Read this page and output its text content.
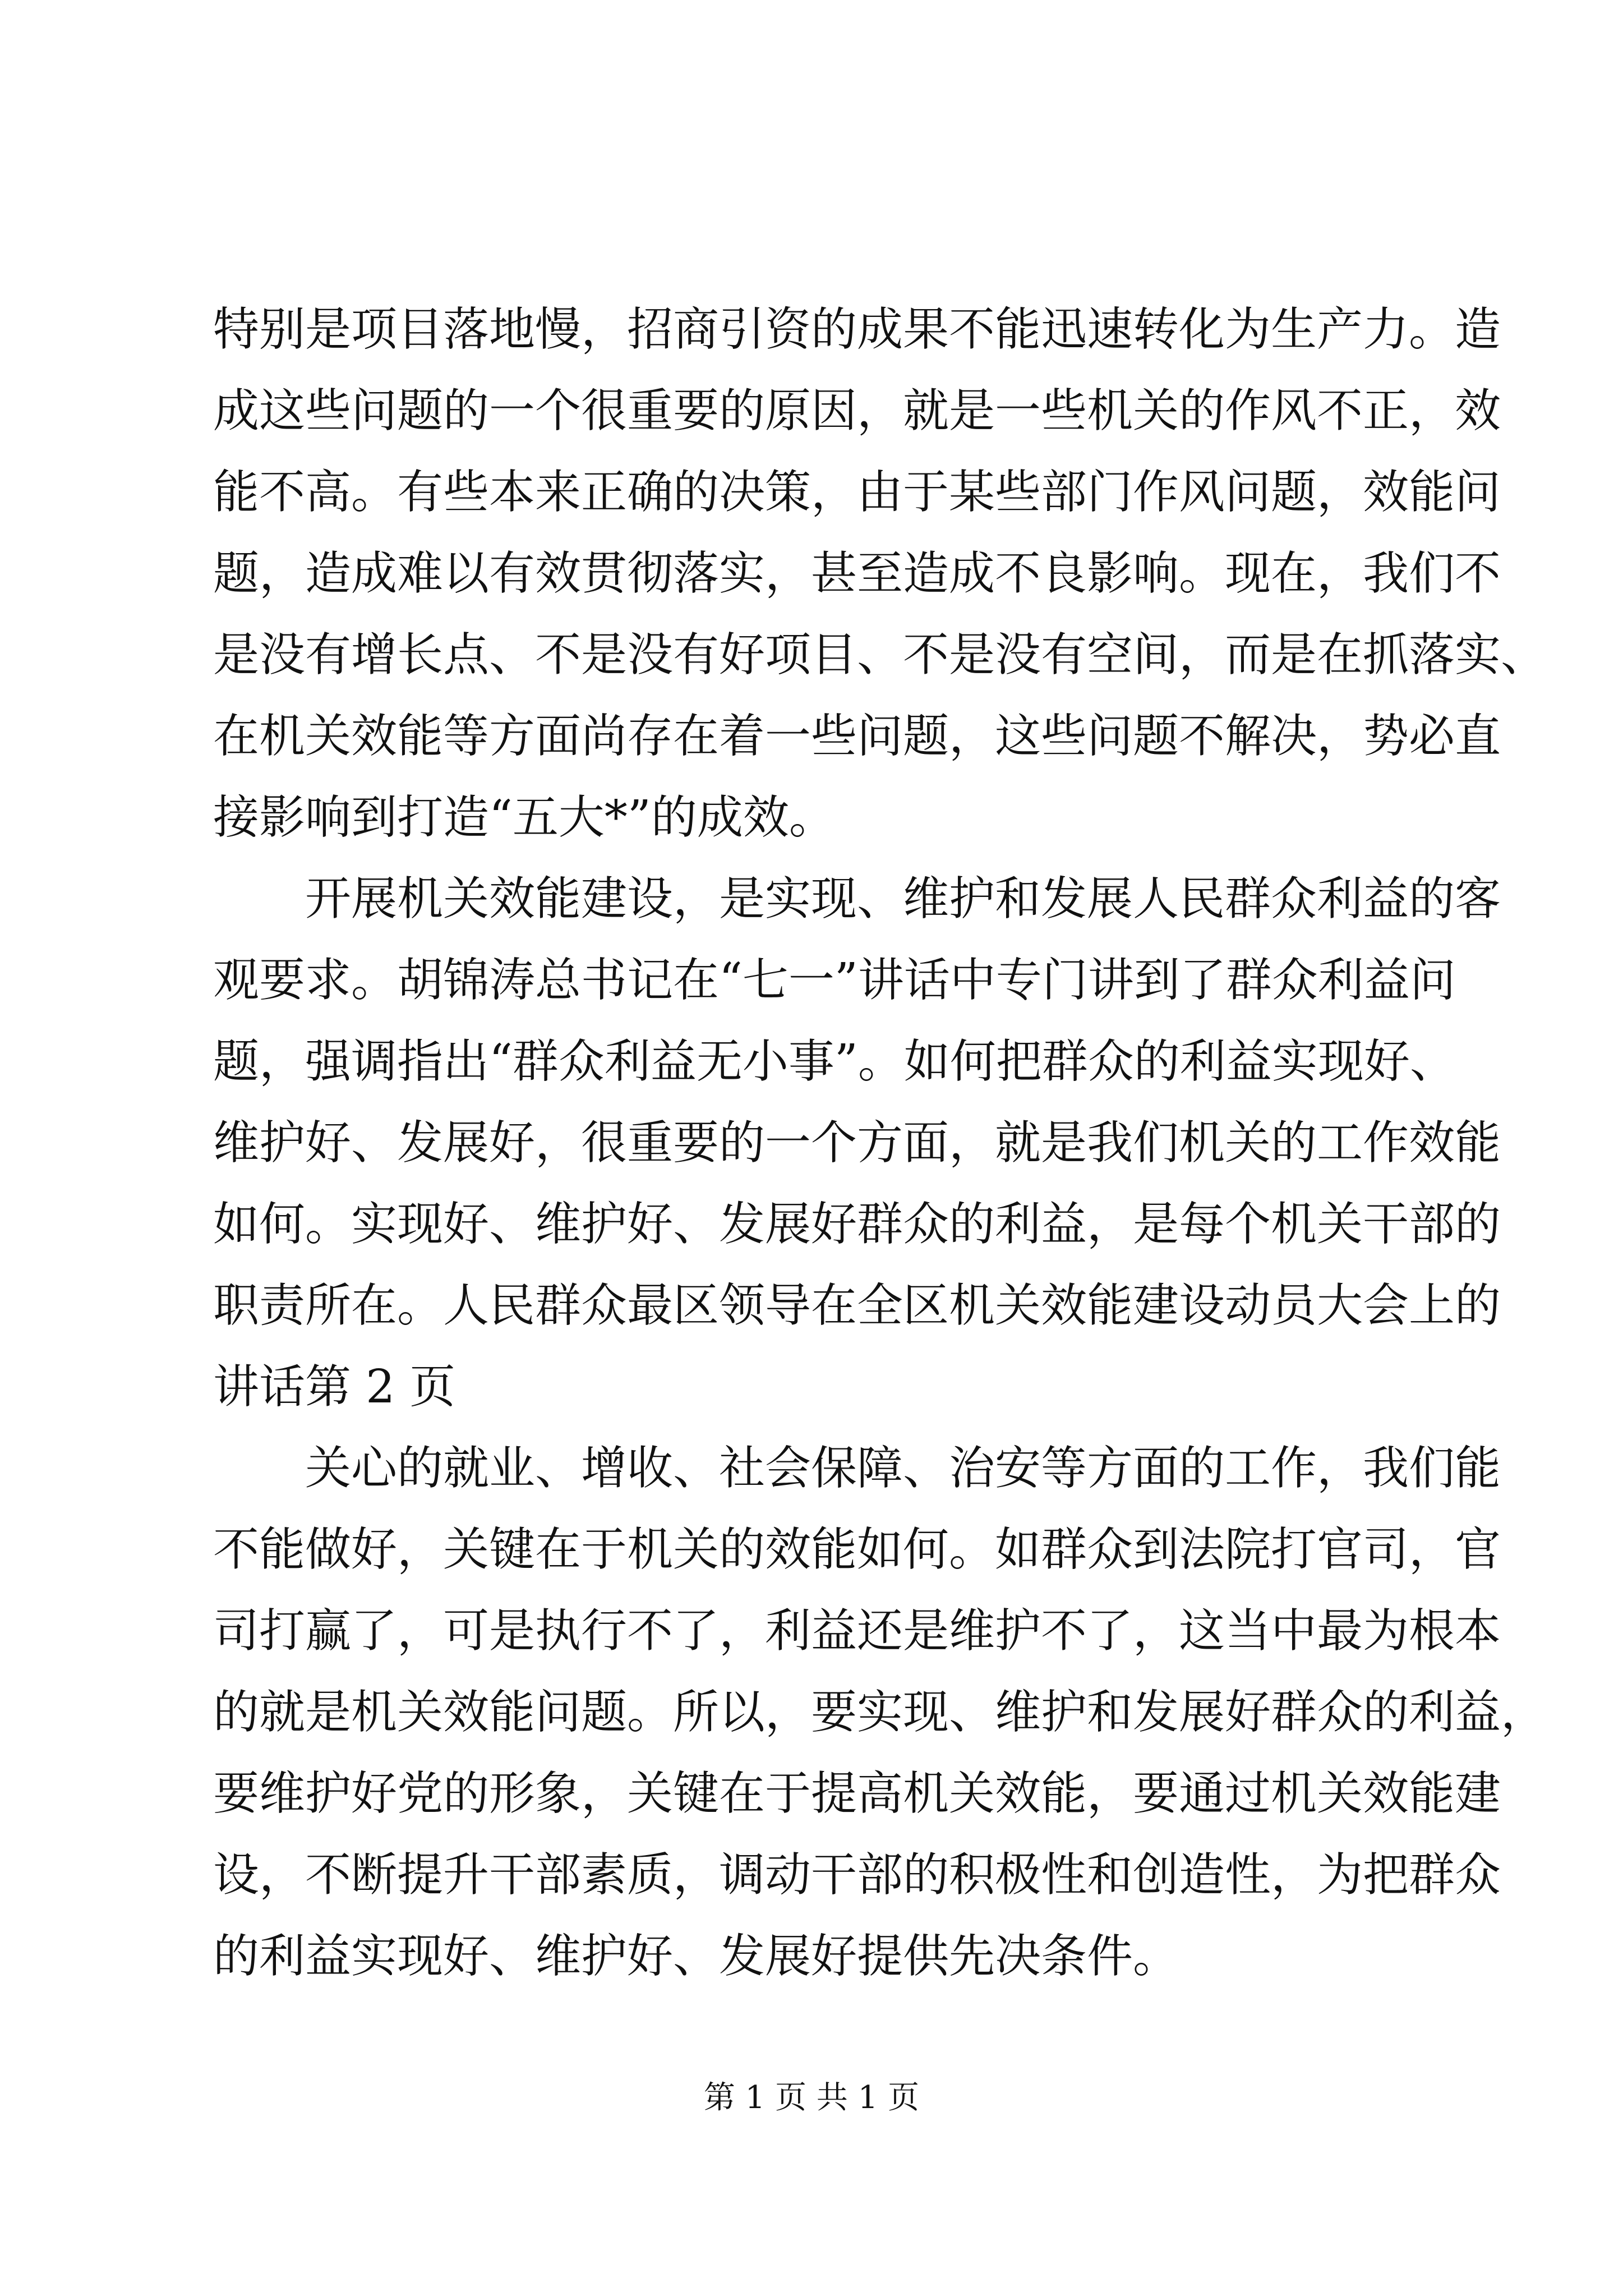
特别是项目落地慢，招商引资的成果不能迅速转化为生产力。造
成这些问题的一个很重要的原因，就是一些机关的作风不正，效
能不高。有些本来正确的决策，由于某些部门作风问题，效能问
题，造成难以有效贯彻落实，甚至造成不良影响。现在，我们不
是没有增长点、不是没有好项目、不是没有空间，而是在抓落实、
在机关效能等方面尚存在着一些问题，这些问题不解决，势必直
接影响到打造“五大*”的成效。
　　开展机关效能建设，是实现、维护和发展人民群众利益的客
观要求。胡锦涛总书记在“七一”讲话中专门讲到了群众利益问
题，强调指出“群众利益无小事”。如何把群众的利益实现好、
维护好、发展好，很重要的一个方面，就是我们机关的工作效能
如何。实现好、维护好、发展好群众的利益，是每个机关干部的
职责所在。人民群众最区领导在全区机关效能建设动员大会上的
讲话第 2 页
　　关心的就业、增收、社会保障、治安等方面的工作，我们能
不能做好，关键在于机关的效能如何。如群众到法院打官司，官
司打赢了，可是执行不了，利益还是维护不了，这当中最为根本
的就是机关效能问题。所以，要实现、维护和发展好群众的利益，
要维护好党的形象，关键在于提高机关效能，要通过机关效能建
设，不断提升干部素质，调动干部的积极性和创造性，为把群众
的利益实现好、维护好、发展好提供先决条件。
第 1 页 共 1 页
